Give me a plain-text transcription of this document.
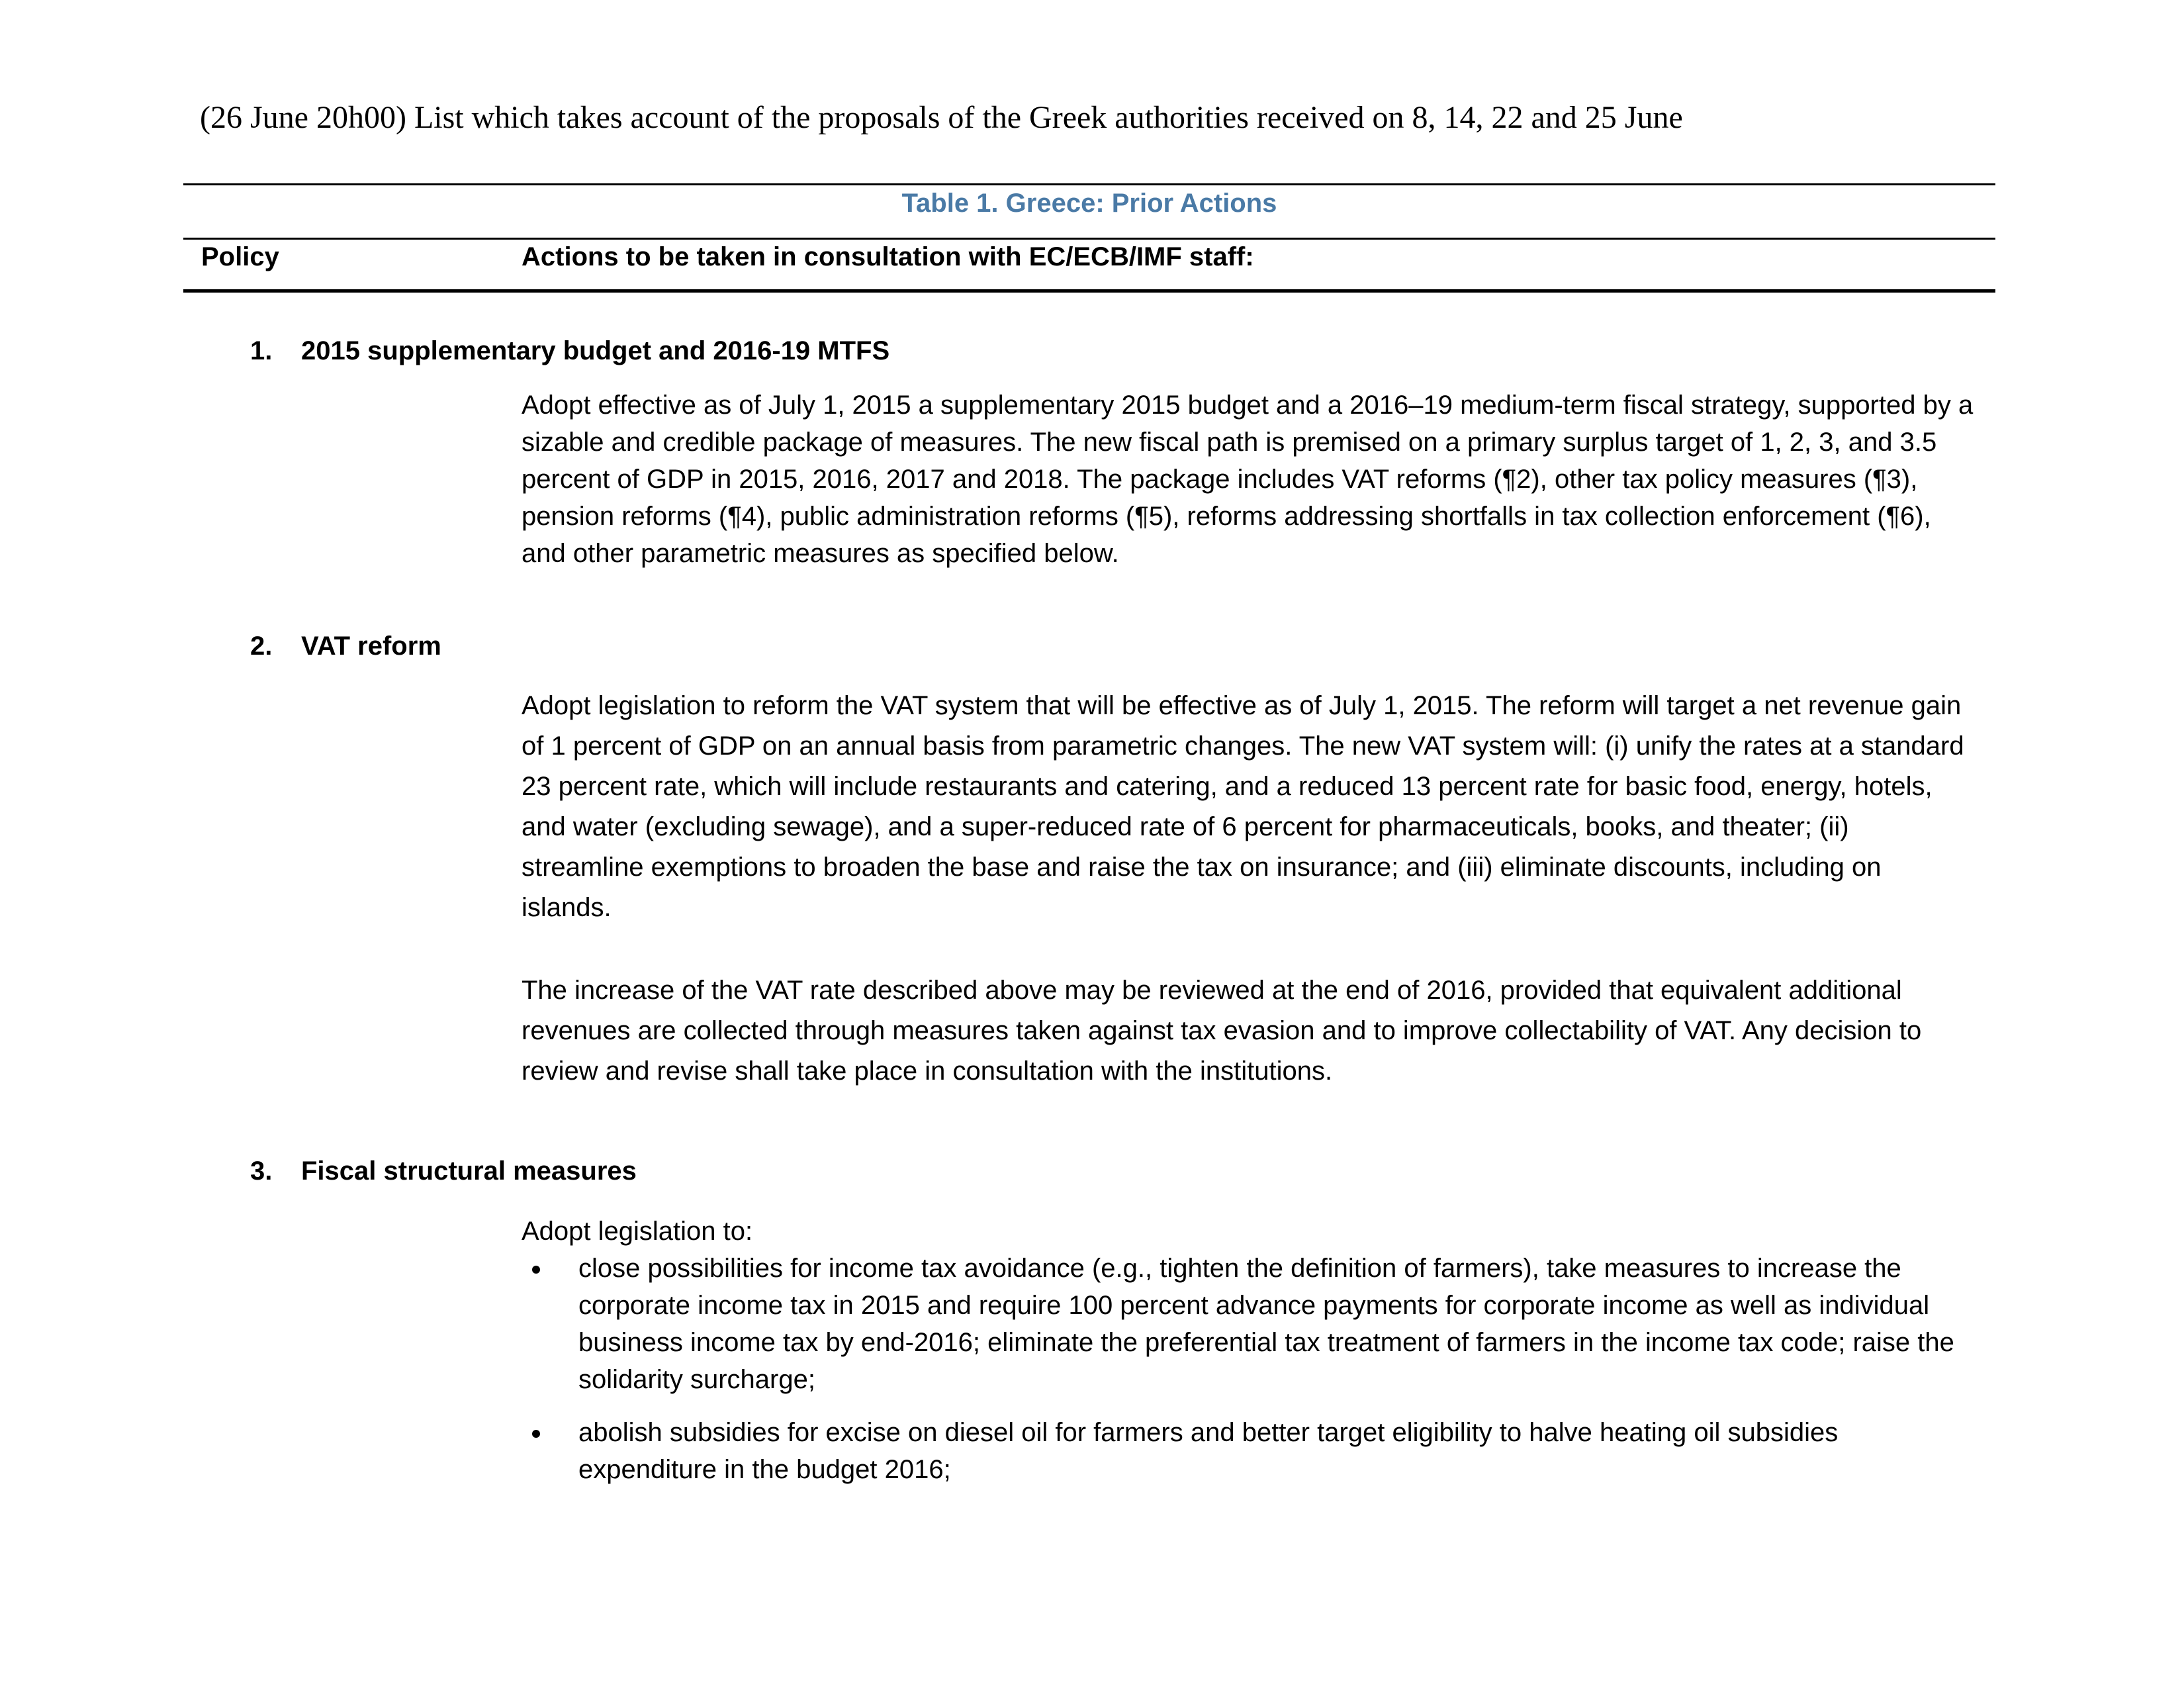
(26 June 20h00) List which takes account of the proposals of the Greek authorities received on 8, 14, 22 and 25 June
Table 1. Greece: Prior Actions
Policy	Actions to be taken in consultation with EC/ECB/IMF staff:
1. 2015 supplementary budget and 2016-19 MTFS

Adopt effective as of July 1, 2015 a supplementary 2015 budget and a 2016–19 medium-term fiscal strategy, supported by a sizable and credible package of measures. The new fiscal path is premised on a primary surplus target of 1, 2, 3, and 3.5 percent of GDP in 2015, 2016, 2017 and 2018. The package includes VAT reforms (¶2), other tax policy measures (¶3), pension reforms (¶4), public administration reforms (¶5), reforms addressing shortfalls in tax collection enforcement (¶6), and other parametric measures as specified below.

2. VAT reform

Adopt legislation to reform the VAT system that will be effective as of July 1, 2015. The reform will target a net revenue gain of 1 percent of GDP on an annual basis from parametric changes. The new VAT system will: (i) unify the rates at a standard 23 percent rate, which will include restaurants and catering, and a reduced 13 percent rate for basic food, energy, hotels, and water (excluding sewage), and a super-reduced rate of 6 percent for pharmaceuticals, books, and theater; (ii) streamline exemptions to broaden the base and raise the tax on insurance; and (iii) eliminate discounts, including on islands.

The increase of the VAT rate described above may be reviewed at the end of 2016, provided that equivalent additional revenues are collected through measures taken against tax evasion and to improve collectability of VAT. Any decision to review and revise shall take place in consultation with the institutions.

3. Fiscal structural measures

Adopt legislation to:

close possibilities for income tax avoidance (e.g., tighten the definition of farmers), take measures to increase the corporate income tax in 2015 and require 100 percent advance payments for corporate income as well as individual business income tax by end-2016; eliminate the preferential tax treatment of farmers in the income tax code; raise the solidarity surcharge;
abolish subsidies for excise on diesel oil for farmers and better target eligibility to halve heating oil subsidies expenditure in the budget 2016;
